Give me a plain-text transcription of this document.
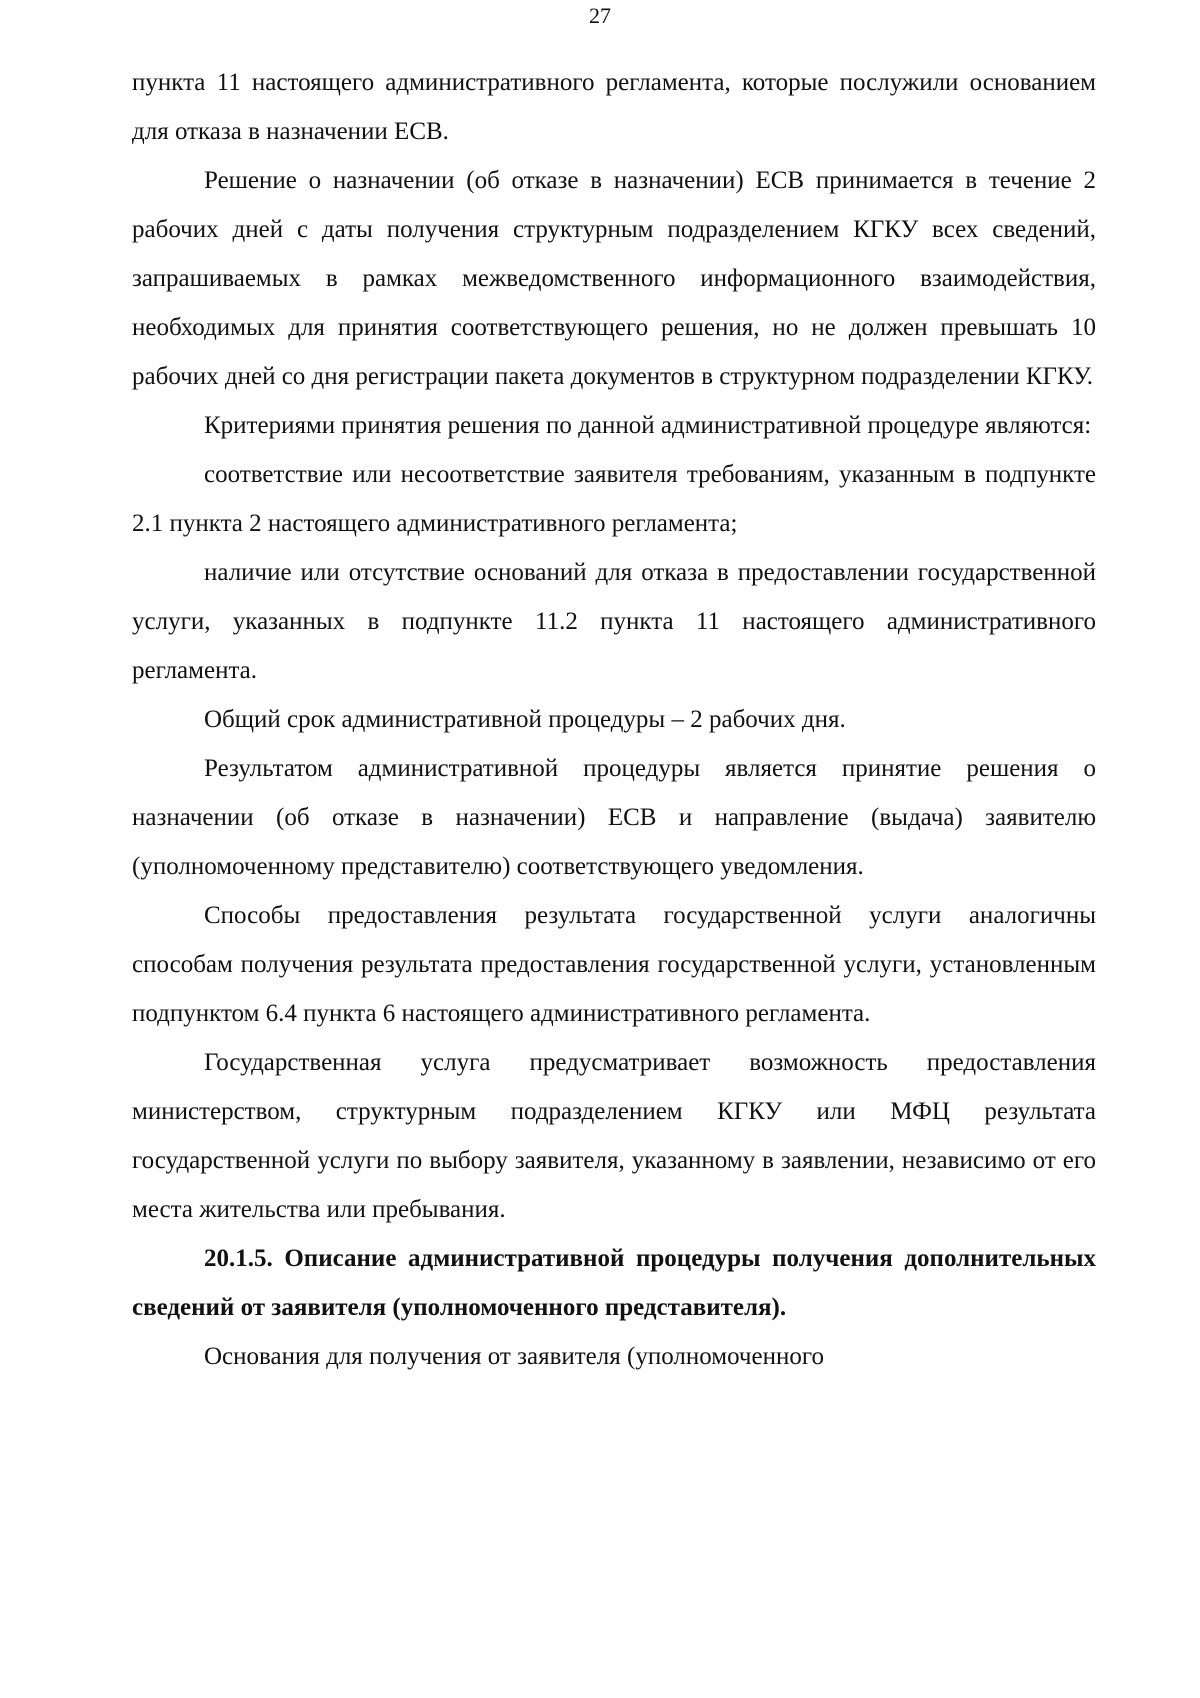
27

пункта 11 настоящего административного регламента, которые послужили основанием для отказа в назначении ЕСВ.

Решение о назначении (об отказе в назначении) ЕСВ принимается в течение 2 рабочих дней с даты получения структурным подразделением КГКУ всех сведений, запрашиваемых в рамках межведомственного информационного взаимодействия, необходимых для принятия соответствующего решения, но не должен превышать 10 рабочих дней со дня регистрации пакета документов в структурном подразделении КГКУ.

Критериями принятия решения по данной административной процедуре являются:

соответствие или несоответствие заявителя требованиям, указанным в подпункте 2.1 пункта 2 настоящего административного регламента;

наличие или отсутствие оснований для отказа в предоставлении государственной услуги, указанных в подпункте 11.2 пункта 11 настоящего административного регламента.

Общий срок административной процедуры – 2 рабочих дня.

Результатом административной процедуры является принятие решения о назначении (об отказе в назначении) ЕСВ и направление (выдача) заявителю (уполномоченному представителю) соответствующего уведомления.

Способы предоставления результата государственной услуги аналогичны способам получения результата предоставления государственной услуги, установленным подпунктом 6.4 пункта 6 настоящего административного регламента.

Государственная услуга предусматривает возможность предоставления министерством, структурным подразделением КГКУ или МФЦ результата государственной услуги по выбору заявителя, указанному в заявлении, независимо от его места жительства или пребывания.

20.1.5. Описание административной процедуры получения дополнительных сведений от заявителя (уполномоченного представителя).

Основания для получения от заявителя (уполномоченного
